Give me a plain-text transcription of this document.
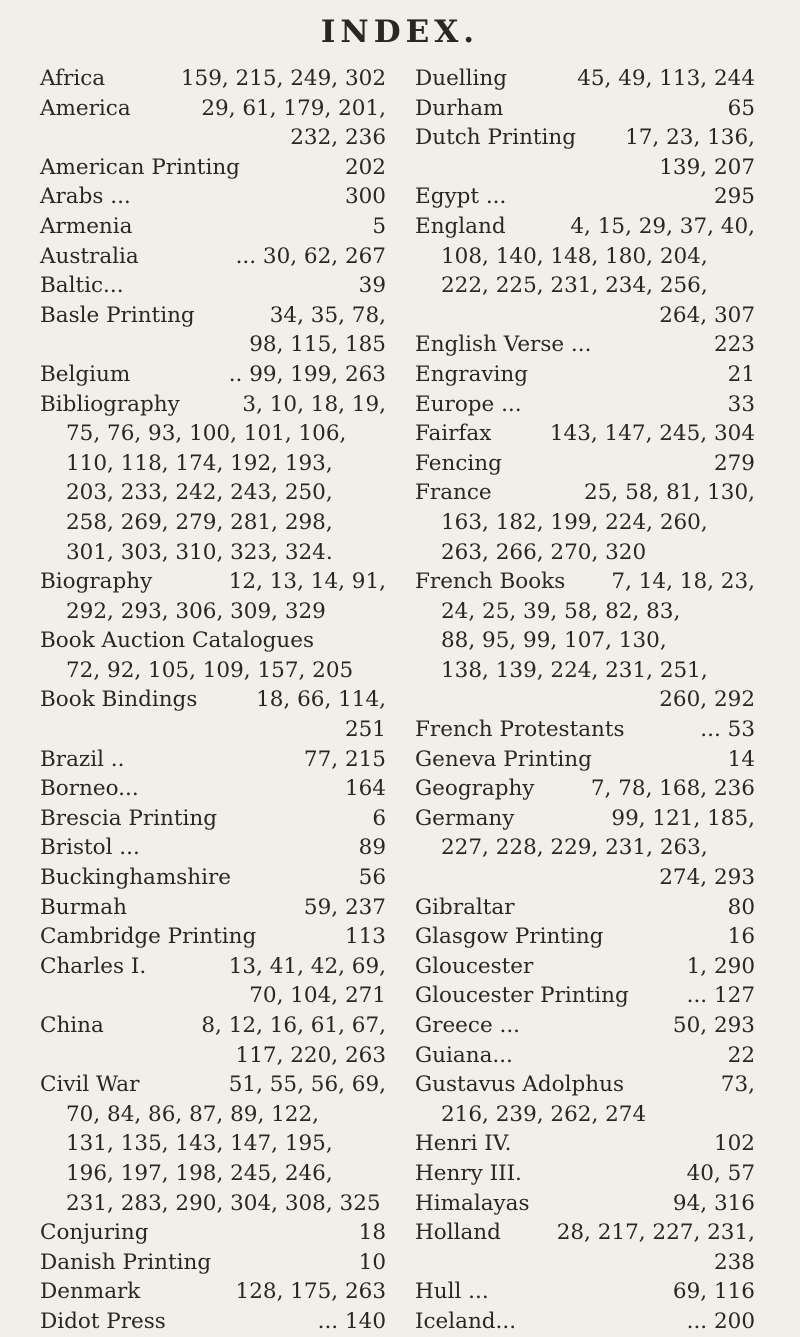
INDEX.
Africa	159, 215, 249, 302
America	29, 61, 179, 201,
232, 236
American Printing	202
Arabs ...	300
Armenia	5
Australia	... 30, 62, 267
Baltic...	39
Basle Printing	34, 35, 78,
98, 115, 185
Belgium	.. 99, 199, 263
Bibliography	3, 10, 18, 19,
75, 76, 93, 100, 101, 106,
110, 118, 174, 192, 193,
203, 233, 242, 243, 250,
258, 269, 279, 281, 298,
301, 303, 310, 323, 324.
Biography	12, 13, 14, 91,
292, 293, 306, 309, 329
Book Auction Catalogues
72, 92, 105, 109, 157, 205
Book Bindings	18, 66, 114,
251
Brazil ..	77, 215
Borneo...	164
Brescia Printing	6
Bristol ...	89
Buckinghamshire	56
Burmah	59, 237
Cambridge Printing	113
Charles I.	13, 41, 42, 69,
70, 104, 271
China	8, 12, 16, 61, 67,
117, 220, 263
Civil War	51, 55, 56, 69,
70, 84, 86, 87, 89, 122,
131, 135, 143, 147, 195,
196, 197, 198, 245, 246,
231, 283, 290, 304, 308, 325
Conjuring	18
Danish Printing	10
Denmark	128, 175, 263
Didot Press	... 140
Duelling	45, 49, 113, 244
Durham	65
Dutch Printing 17, 23, 136,
139, 207
Egypt ...	295
England	4, 15, 29, 37, 40,
108, 140, 148, 180, 204,
222, 225, 231, 234, 256,
264, 307
English Verse ...	223
Engraving	21
Europe ...	33
Fairfax	143, 147, 245, 304
Fencing	279
France	25, 58, 81, 130,
163, 182, 199, 224, 260,
263, 266, 270, 320
French Books 7, 14, 18, 23,
24, 25, 39, 58, 82, 83,
88, 95, 99, 107, 130,
138, 139, 224, 231, 251,
260, 292
French Protestants	... 53
Geneva Printing	14
Geography	7, 78, 168, 236
Germany	99, 121, 185,
227, 228, 229, 231, 263,
274, 293
Gibraltar	80
Glasgow Printing	16
Gloucester	1, 290
Gloucester Printing	... 127
Greece ...	50, 293
Guiana...	22
Gustavus Adolphus	73,
216, 239, 262, 274
Henri IV.	102
Henry III.	40, 57
Himalayas	94, 316
Holland	28, 217, 227, 231,
238
Hull ...	69, 116
Iceland...	... 200
